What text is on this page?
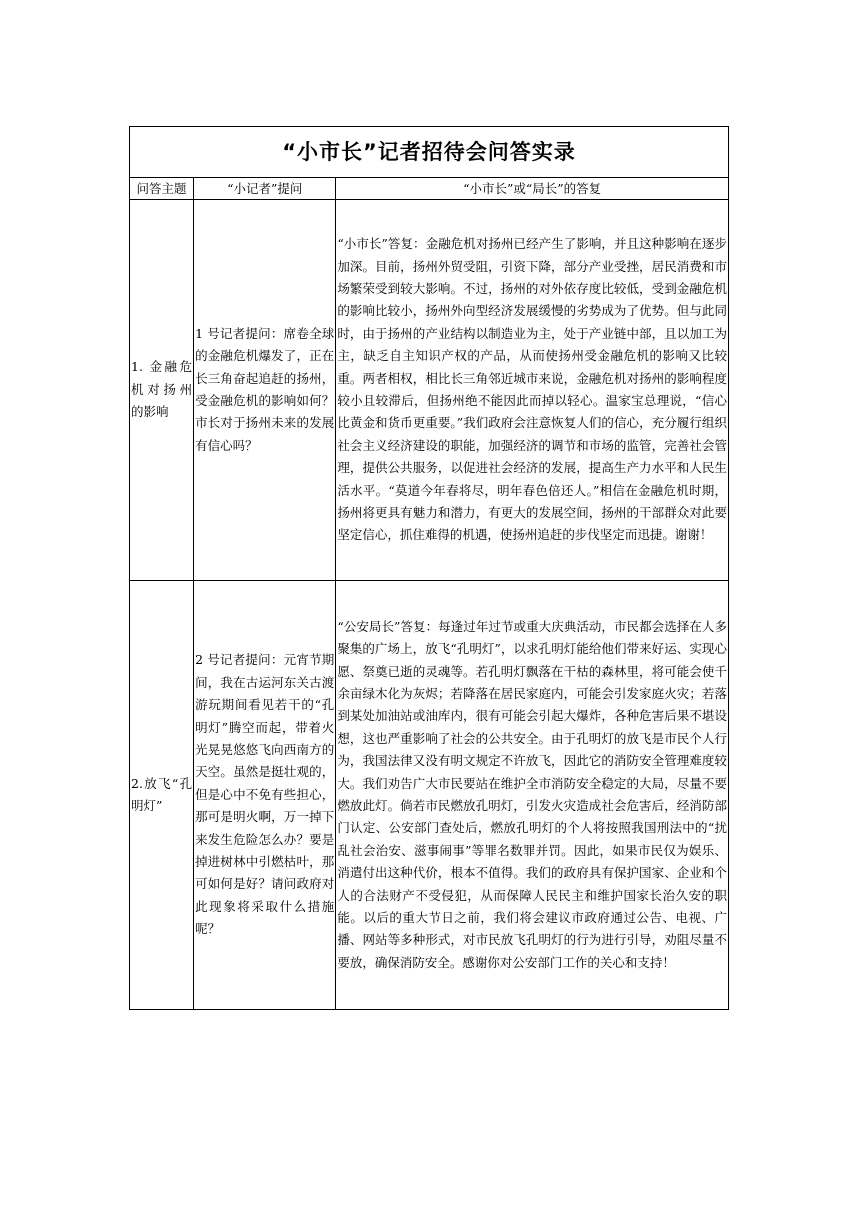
“小市长”记者招待会问答实录		
问答主题	“小记者”提问	“小市长”或“局长”的答复
1. 金融危机对扬州的影响	1 号记者提问：席卷全球的金融危机爆发了，正在长三角奋起追赶的扬州，受金融危机的影响如何？市长对于扬州未来的发展有信心吗？	“小市长”答复：金融危机对扬州已经产生了影响，并且这种影响在逐步加深。目前，扬州外贸受阻，引资下降，部分产业受挫，居民消费和市场繁荣受到较大影响。不过，扬州的对外依存度比较低，受到金融危机的影响比较小，扬州外向型经济发展缓慢的劣势成为了优势。但与此同时，由于扬州的产业结构以制造业为主，处于产业链中部，且以加工为主，缺乏自主知识产权的产品，从而使扬州受金融危机的影响又比较重。两者相权，相比长三角邻近城市来说，金融危机对扬州的影响程度较小且较滞后，但扬州绝不能因此而掉以轻心。温家宝总理说，“信心比黄金和货币更重要。”我们政府会注意恢复人们的信心，充分履行组织社会主义经济建设的职能，加强经济的调节和市场的监管，完善社会管理，提供公共服务，以促进社会经济的发展，提高生产力水平和人民生活水平。“莫道今年春将尽，明年春色倍还人。”相信在金融危机时期，扬州将更具有魅力和潜力，有更大的发展空间，扬州的干部群众对此要坚定信心，抓住难得的机遇，使扬州追赶的步伐坚定而迅捷。谢谢！
2.放飞“孔明灯”	2 号记者提问：元宵节期间，我在古运河东关古渡游玩期间看见若干的“孔明灯”腾空而起，带着火光晃晃悠悠飞向西南方的天空。虽然是挺壮观的，但是心中不免有些担心，那可是明火啊，万一掉下来发生危险怎么办？要是掉进树林中引燃枯叶，那可如何是好？请问政府对此现象将采取什么措施呢？	“公安局长”答复：每逢过年过节或重大庆典活动，市民都会选择在人多聚集的广场上，放飞“孔明灯”，以求孔明灯能给他们带来好运、实现心愿、祭奠已逝的灵魂等。若孔明灯飘落在干枯的森林里，将可能会使千余亩绿木化为灰烬；若降落在居民家庭内，可能会引发家庭火灾；若落到某处加油站或油库内，很有可能会引起大爆炸，各种危害后果不堪设想，这也严重影响了社会的公共安全。由于孔明灯的放飞是市民个人行为，我国法律又没有明文规定不许放飞，因此它的消防安全管理难度较大。我们劝告广大市民要站在维护全市消防安全稳定的大局，尽量不要燃放此灯。倘若市民燃放孔明灯，引发火灾造成社会危害后，经消防部门认定、公安部门查处后，燃放孔明灯的个人将按照我国刑法中的“扰乱社会治安、滋事闹事”等罪名数罪并罚。因此，如果市民仅为娱乐、消遣付出这种代价，根本不值得。我们的政府具有保护国家、企业和个人的合法财产不受侵犯，从而保障人民民主和维护国家长治久安的职能。以后的重大节日之前，我们将会建议市政府通过公告、电视、广播、网站等多种形式，对市民放飞孔明灯的行为进行引导，劝阻尽量不要放，确保消防安全。感谢你对公安部门工作的关心和支持！
